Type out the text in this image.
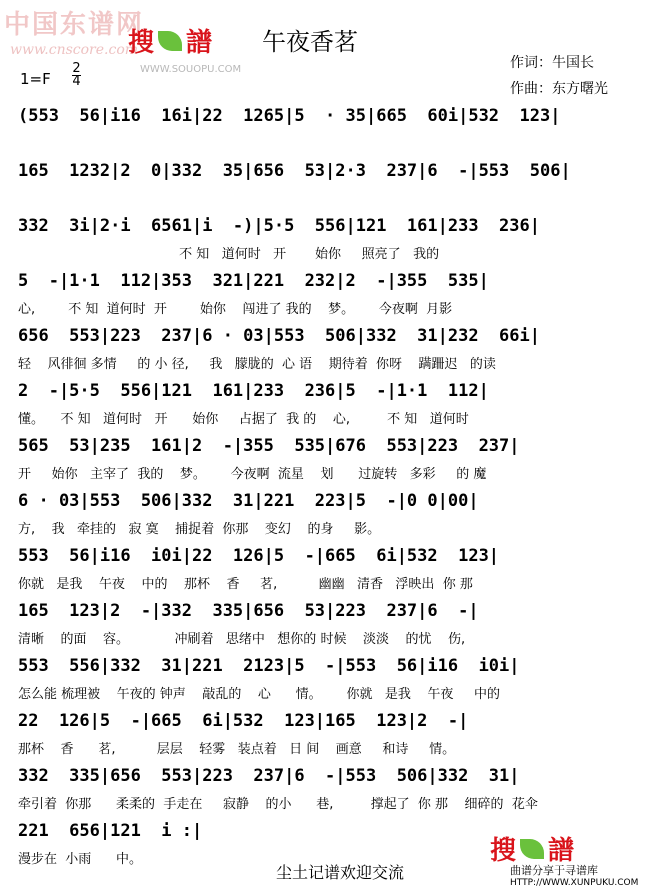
中国东谱网
www.cnscore.com
WWW.SOUOPU.COM
搜 譜 午夜香茗
作词：牛国长
作曲：东方曙光
1=F
2
4
(553  56|i16  16i|22  1265|5  · 35|665  60i|532  123|
165  1232|2  0|332  35|656  53|2·3  237|6  -|553  506|
332  3i|2·i  6561|i  -)|5·5  556|121  161|233  236|
不 知   道何时   开       始你     照亮了   我的
5  -|1·1  112|353  321|221  232|2  -|355  535|
心,        不 知  道何时  开        始你    闯进了 我的    梦。      今夜啊  月影
656  553|223  237|6 · 03|553  506|332  31|232  66i|
轻    风徘徊 多情     的 小 径,     我   朦胧的  心 语    期待着  你呀    蹒跚迟   的读
2  -|5·5  556|121  161|233  236|5  -|1·1  112|
懂。    不 知   道何时   开      始你     占据了  我 的    心,         不 知   道何时
565  53|235  161|2  -|355  535|676  553|223  237|
开     始你   主宰了  我的    梦。      今夜啊  流星    划      过旋转   多彩     的 魔
6 · 03|553  506|332  31|221  223|5  -|0 0|00|
方,    我   牵挂的   寂 寞    捕捉着  你那    变幻    的身     影。
553  56|i16  i0i|22  126|5  -|665  6i|532  123|
你就   是我    午夜    中的    那杯    香     茗,          幽幽   清香   浮映出  你 那
165  123|2  -|332  335|656  53|223  237|6  -|
清晰    的面    容。           冲刷着   思绪中   想你的 时候    淡淡    的忧    伤,
553  556|332  31|221  2123|5  -|553  56|i16  i0i|
怎么能 梳理被    午夜的 钟声    敲乱的    心      情。      你就   是我    午夜     中的
22  126|5  -|665  6i|532  123|165  123|2  -|
那杯    香      茗,          层层    轻雾   装点着   日 间    画意     和诗     情。
332  335|656  553|223  237|6  -|553  506|332  31|
牵引着  你那      柔柔的  手走在     寂静    的小      巷,         撑起了  你 那    细碎的  花伞
221  656|121  i :|
漫步在  小雨      中。
尘土记谱欢迎交流
搜 譜
曲谱分享于寻谱库
HTTP://WWW.XUNPUKU.COM
